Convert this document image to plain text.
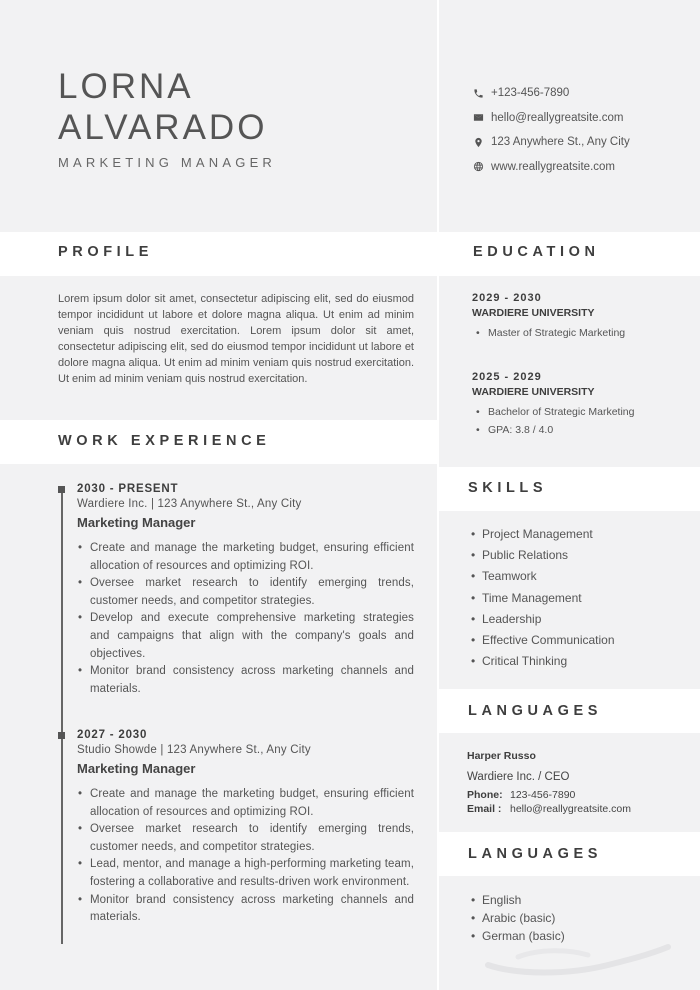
LORNA
ALVARADO
MARKETING MANAGER
+123-456-7890
hello@reallygreatsite.com
123 Anywhere St., Any City
www.reallygreatsite.com
PROFILE	EDUCATION
WORK EXPERIENCE
SKILLS
LANGUAGES
LANGUAGES
Lorem ipsum dolor sit amet, consectetur adipiscing elit, sed do eiusmod tempor incididunt ut labore et dolore magna aliqua. Ut enim ad minim veniam quis nostrud exercitation. Lorem ipsum dolor sit amet, consectetur adipiscing elit, sed do eiusmod tempor incididunt ut labore et dolore magna aliqua. Ut enim ad minim veniam quis nostrud exercitation. Ut enim ad minim veniam quis nostrud exercitation.
2030 - PRESENT
Wardiere Inc. | 123 Anywhere St., Any City
Marketing Manager
• Create and manage the marketing budget, ensuring efficient allocation of resources and optimizing ROI.
• Oversee market research to identify emerging trends, customer needs, and competitor strategies.
• Develop and execute comprehensive marketing strategies and campaigns that align with the company's goals and objectives.
• Monitor brand consistency across marketing channels and materials.
2027 - 2030
Studio Showde | 123 Anywhere St., Any City
Marketing Manager
• Create and manage the marketing budget, ensuring efficient allocation of resources and optimizing ROI.
• Oversee market research to identify emerging trends, customer needs, and competitor strategies.
• Lead, mentor, and manage a high-performing marketing team, fostering a collaborative and results-driven work environment.
• Monitor brand consistency across marketing channels and materials.
2029 - 2030
WARDIERE UNIVERSITY
• Master of Strategic Marketing
2025 - 2029
WARDIERE UNIVERSITY
• Bachelor of Strategic Marketing
• GPA: 3.8 / 4.0
• Project Management
• Public Relations
• Teamwork
• Time Management
• Leadership
• Effective Communication
• Critical Thinking
Harper Russo
Wardiere Inc. / CEO
Phone: 123-456-7890
Email : hello@reallygreatsite.com
• English
• Arabic (basic)
• German (basic)
